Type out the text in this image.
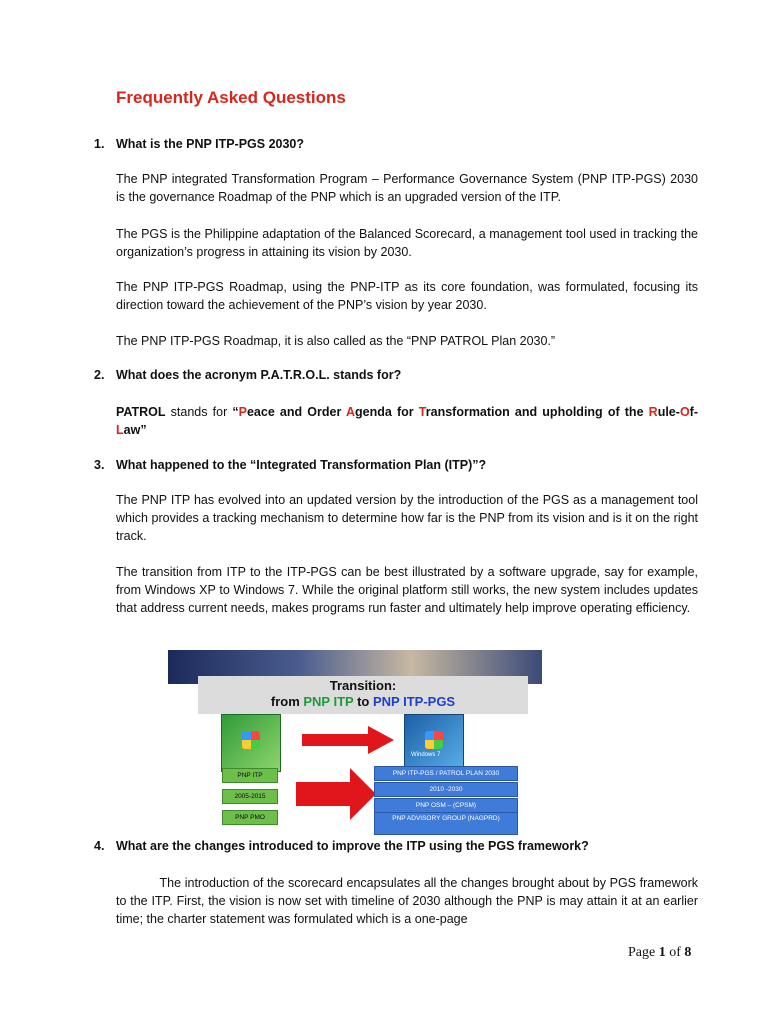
Frequently Asked Questions
1. What is the PNP ITP-PGS 2030?
The PNP integrated Transformation Program – Performance Governance System (PNP ITP-PGS) 2030 is the governance Roadmap of the PNP which is an upgraded version of the ITP.
The PGS is the Philippine adaptation of the Balanced Scorecard, a management tool used in tracking the organization’s progress in attaining its vision by 2030.
The PNP ITP-PGS Roadmap, using the PNP-ITP as its core foundation, was formulated, focusing its direction toward the achievement of the PNP’s vision by year 2030.
The PNP ITP-PGS Roadmap, it is also called as the “PNP PATROL Plan 2030.”
2. What does the acronym P.A.T.R.O.L. stands for?
PATROL stands for “Peace and Order Agenda for Transformation and upholding of the Rule-Of- Law”
3. What happened to the “Integrated Transformation Plan (ITP)”?
The PNP ITP has evolved into an updated version by the introduction of the PGS as a management tool which provides a tracking mechanism to determine how far is the PNP from its vision and is it on the right track.
The transition from ITP to the ITP-PGS can be best illustrated by a software upgrade, say for example, from Windows XP to Windows 7. While the original platform still works, the new system includes updates that address current needs, makes programs run faster and ultimately help improve operating efficiency.
Transition:
from PNP ITP to PNP ITP-PGS
Windows 7
PNP ITP
2005-2015
PNP PMO
PNP ITP-PGS / PATROL PLAN 2030
2010 -2030
PNP OSM – (CPSM)
PNP ADVISORY GROUP (NAGPRD)
4. What are the changes introduced to improve the ITP using the PGS framework?
The introduction of the scorecard encapsulates all the changes brought about by PGS framework to the ITP. First, the vision is now set with timeline of 2030 although the PNP is may attain it at an earlier time; the charter statement was formulated which is a one-page
Page 1 of 8
